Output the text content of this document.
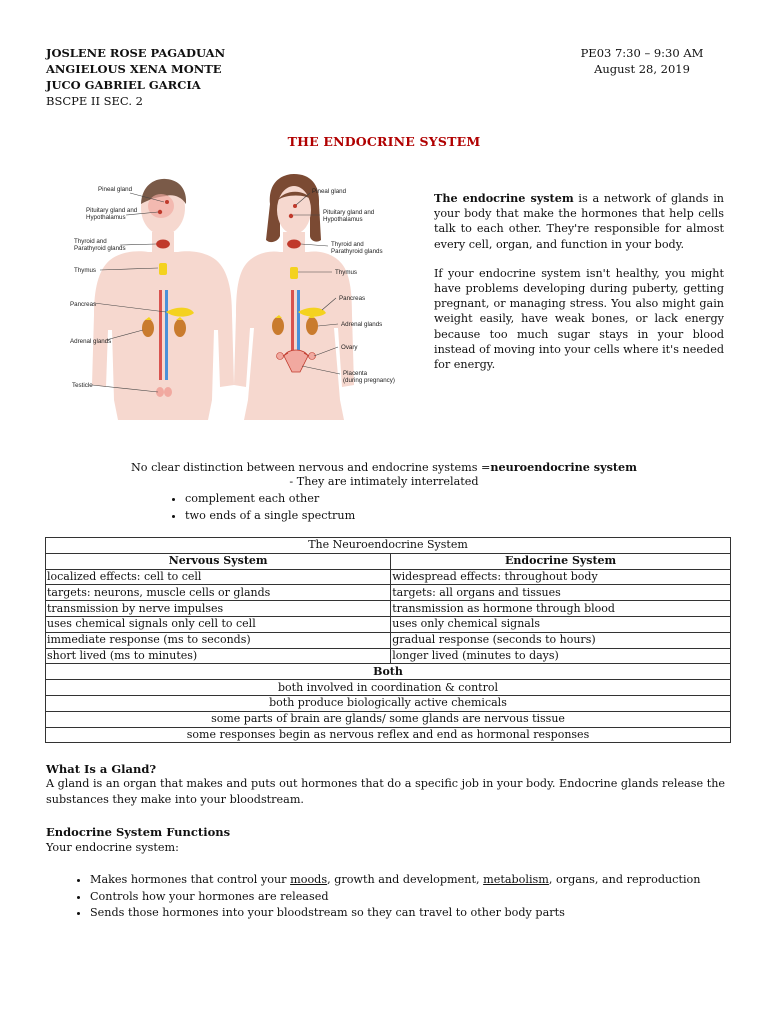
JOSLENE ROSE PAGADUAN
ANGIELOUS XENA MONTE
JUCO GABRIEL GARCIA
BSCPE II SEC. 2
PE03 7:30 – 9:30 AM
August 28, 2019
THE ENDOCRINE SYSTEM
Pineal gland
Pituitary gland and
Hypothalamus
Thyroid and
Parathyroid glands
Thymus
Pancreas
Adrenal glands
Testicle
Pineal gland
Pituitary gland and
Hypothalamus
Thyroid and
Parathyroid glands
Thymus
Pancreas
Adrenal glands
Ovary
Placenta
(during pregnancy)

The endocrine system is a network of glands in your body that make the hormones that help cells talk to each other. They're responsible for almost every cell, organ, and function in your body.

If your endocrine system isn't healthy, you might have problems developing during puberty, getting pregnant, or managing stress. You also might gain weight easily, have weak bones, or lack energy because too much sugar stays in your blood instead of moving into your cells where it's needed for energy.

No clear distinction between nervous and endocrine systems =neuroendocrine system
- They are intimately interrelated
• complement each other
• two ends of a single spectrum
The Neuroendocrine System	
Nervous System	Endocrine System
localized effects: cell to cell	widespread effects: throughout body
targets: neurons, muscle cells or glands	targets: all organs and tissues
transmission by nerve impulses	transmission as hormone through blood
uses chemical signals only cell to cell	uses only chemical signals
immediate response (ms to seconds)	gradual response (seconds to hours)
short lived (ms to minutes)	longer lived (minutes to days)
Both	
both involved in coordination & control	
both produce biologically active chemicals	
some parts of brain are glands/ some glands are nervous tissue	
some responses begin as nervous reflex and end as hormonal responses	
What Is a Gland?
A gland is an organ that makes and puts out hormones that do a specific job in your body. Endocrine glands release the substances they make into your bloodstream.
Endocrine System Functions
Your endocrine system:
• Makes hormones that control your moods, growth and development, metabolism, organs, and reproduction
• Controls how your hormones are released
• Sends those hormones into your bloodstream so they can travel to other body parts
